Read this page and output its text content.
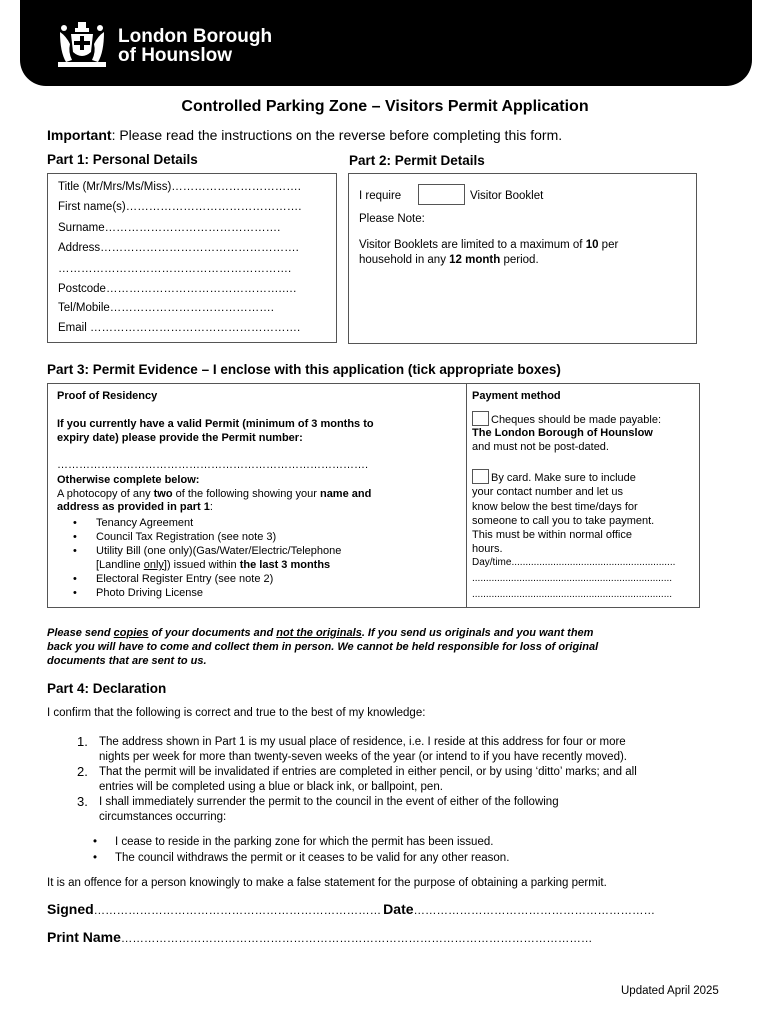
London Borough
of Hounslow
Controlled Parking Zone – Visitors Permit Application
Important: Please read the instructions on the reverse before completing this form.
Part 1: Personal Details
Title (Mr/Mrs/Ms/Miss)…………………………….
First name(s)……………………………………….
Surname……………………………………….
Address…………………………………………….
…………………………………………………….
Postcode……………………………………….….
Tel/Mobile…………………………………….
Email ……………………………………………….
Part 2: Permit Details
I require	Visitor Booklet
Please Note:
Visitor Booklets are limited to a maximum of 10 per
household in any 12 month period.
Part 3: Permit Evidence – I enclose with this application (tick appropriate boxes)
Proof of Residency
If you currently have a valid Permit (minimum of 3 months to
expiry date) please provide the Permit number:
………………………………………………………………………….
Otherwise complete below:
A photocopy of any two of the following showing your name and
address as provided in part 1:
• Tenancy Agreement
• Council Tax Registration (see note 3)
• Utility Bill (one only)(Gas/Water/Electric/Telephone
[Landline only]) issued within the last 3 months
• Electoral Register Entry (see note 2)
• Photo Driving License
Payment method
Cheques should be made payable:
The London Borough of Hounslow
and must not be post-dated.
By card. Make sure to include
your contact number and let us
know below the best time/days for
someone to call you to take payment.
This must be within normal office
hours.
Day/time...........................................................
........................................................................
........................................................................
Please send copies of your documents and not the originals. If you send us originals and you want them
back you will have to come and collect them in person. We cannot be held responsible for loss of original
documents that are sent to us.
Part 4: Declaration
I confirm that the following is correct and true to the best of my knowledge:
1. The address shown in Part 1 is my usual place of residence, i.e. I reside at this address for four or more
nights per week for more than twenty-seven weeks of the year (or intend to if you have recently moved).
2. That the permit will be invalidated if entries are completed in either pencil, or by using ‘ditto’ marks; and all
entries will be completed using a blue or black ink, or ballpoint, pen.
3. I shall immediately surrender the permit to the council in the event of either of the following
circumstances occurring:
• I cease to reside in the parking zone for which the permit has been issued.
• The council withdraws the permit or it ceases to be valid for any other reason.
It is an offence for a person knowingly to make a false statement for the purpose of obtaining a parking permit.
Signed………………………………………………………………… Date………………………………………………………
Print Name……………………………………………………………………………………………………………
Updated April 2025
